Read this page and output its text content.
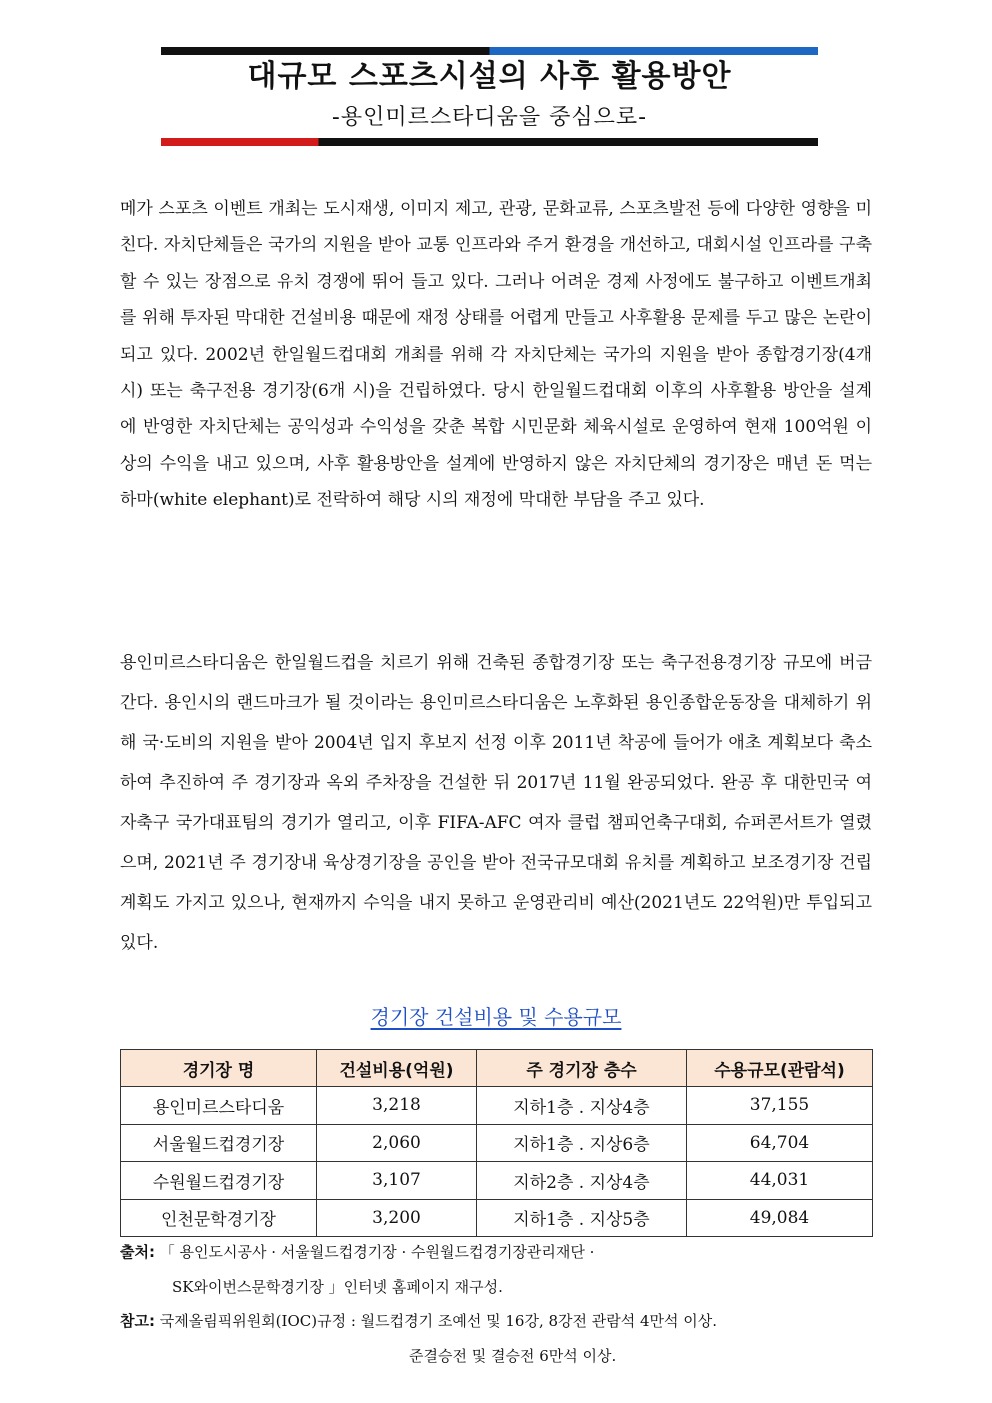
대규모 스포츠시설의 사후 활용방안
-용인미르스타디움을 중심으로-

메가 스포츠 이벤트 개최는 도시재생, 이미지 제고, 관광, 문화교류, 스포츠발전 등에 다양한 영향을 미친다. 자치단체들은 국가의 지원을 받아 교통 인프라와 주거 환경을 개선하고, 대회시설 인프라를 구축할 수 있는 장점으로 유치 경쟁에 뛰어 들고 있다. 그러나 어려운 경제 사정에도 불구하고 이벤트개최를 위해 투자된 막대한 건설비용 때문에 재정 상태를 어렵게 만들고 사후활용 문제를 두고 많은 논란이 되고 있다. 2002년 한일월드컵대회 개최를 위해 각 자치단체는 국가의 지원을 받아 종합경기장(4개 시) 또는 축구전용 경기장(6개 시)을 건립하였다. 당시 한일월드컵대회 이후의 사후활용 방안을 설계에 반영한 자치단체는 공익성과 수익성을 갖춘 복합 시민문화 체육시설로 운영하여 현재 100억원 이상의 수익을 내고 있으며, 사후 활용방안을 설계에 반영하지 않은 자치단체의 경기장은 매년 돈 먹는 하마(white elephant)로 전락하여 해당 시의 재정에 막대한 부담을 주고 있다.

용인미르스타디움은 한일월드컵을 치르기 위해 건축된 종합경기장 또는 축구전용경기장 규모에 버금간다. 용인시의 랜드마크가 될 것이라는 용인미르스타디움은 노후화된 용인종합운동장을 대체하기 위해 국·도비의 지원을 받아 2004년 입지 후보지 선정 이후 2011년 착공에 들어가 애초 계획보다 축소하여 추진하여 주 경기장과 옥외 주차장을 건설한 뒤 2017년 11월 완공되었다. 완공 후 대한민국 여자축구 국가대표팀의 경기가 열리고, 이후 FIFA-AFC 여자 클럽 챔피언축구대회, 슈퍼콘서트가 열렸으며, 2021년 주 경기장내 육상경기장을 공인을 받아 전국규모대회 유치를 계획하고 보조경기장 건립 계획도 가지고 있으나, 현재까지 수익을 내지 못하고 운영관리비 예산(2021년도 22억원)만 투입되고 있다.

경기장 건설비용 및 수용규모
경기장 명	건설비용(억원)	주 경기장 층수	수용규모(관람석)
용인미르스타디움	3,218	지하1층 . 지상4층	37,155
서울월드컵경기장	2,060	지하1층 . 지상6층	64,704
수원월드컵경기장	3,107	지하2층 . 지상4층	44,031
인천문학경기장	3,200	지하1층 . 지상5층	49,084
출처: 「 용인도시공사 · 서울월드컵경기장 · 수원월드컵경기장관리재단 ·
SK와이번스문학경기장 」인터넷 홈페이지 재구성.
참고: 국제올림픽위원회(IOC)규정 : 월드컵경기 조예선 및 16강, 8강전 관람석 4만석 이상.
준결승전 및 결승전 6만석 이상.
